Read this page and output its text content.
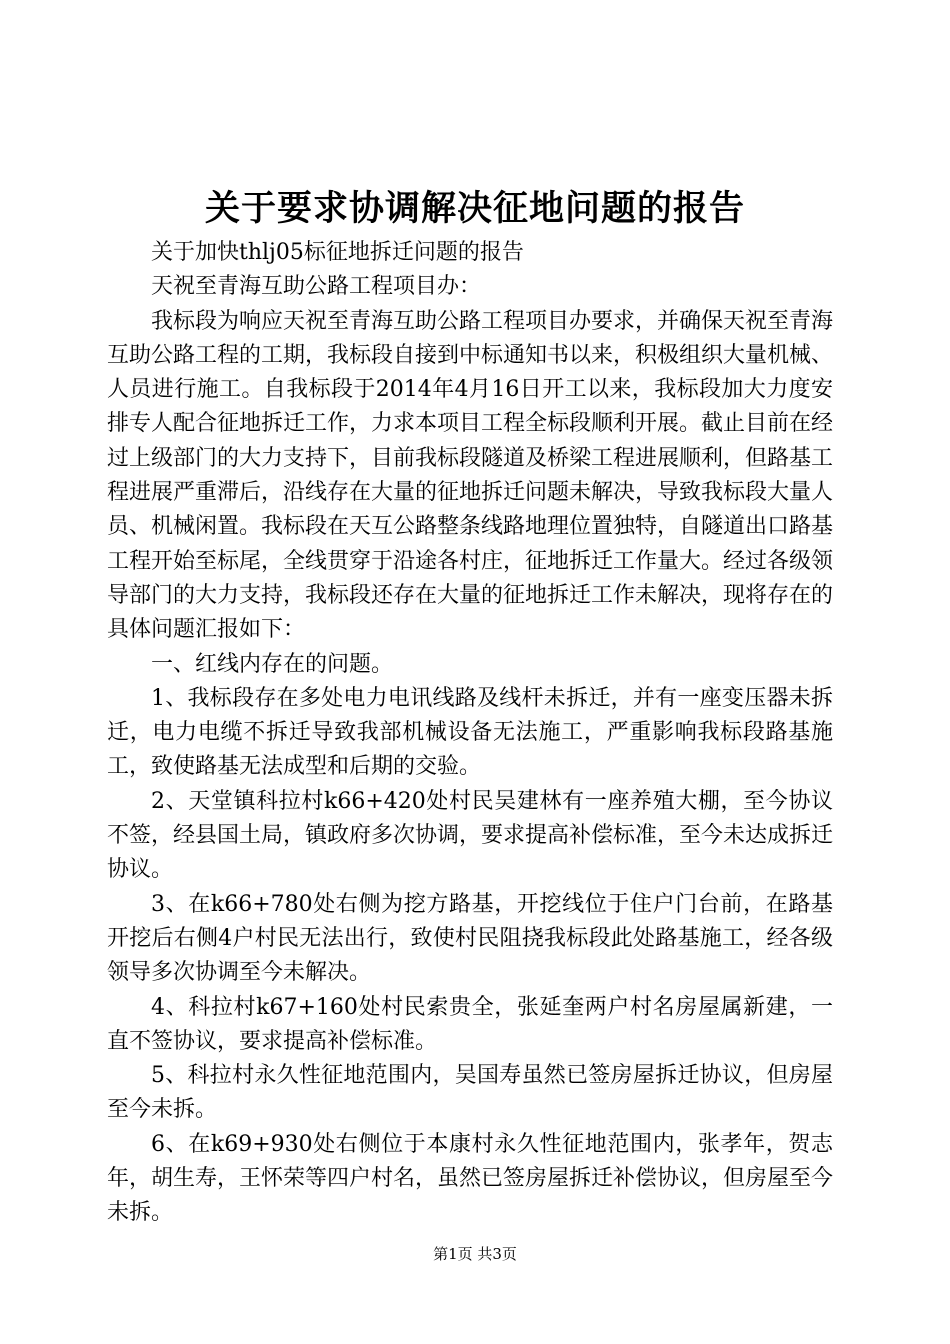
关于要求协调解决征地问题的报告

关于加快thlj05标征地拆迁问题的报告

天祝至青海互助公路工程项目办：

我标段为响应天祝至青海互助公路工程项目办要求，并确保天祝至青海互助公路工程的工期，我标段自接到中标通知书以来，积极组织大量机械、人员进行施工。自我标段于2014年4月16日开工以来，我标段加大力度安排专人配合征地拆迁工作，力求本项目工程全标段顺利开展。截止目前在经过上级部门的大力支持下，目前我标段隧道及桥梁工程进展顺利，但路基工程进展严重滞后，沿线存在大量的征地拆迁问题未解决，导致我标段大量人员、机械闲置。我标段在天互公路整条线路地理位置独特，自隧道出口路基工程开始至标尾，全线贯穿于沿途各村庄，征地拆迁工作量大。经过各级领导部门的大力支持，我标段还存在大量的征地拆迁工作未解决，现将存在的具体问题汇报如下：

一、红线内存在的问题。

1、我标段存在多处电力电讯线路及线杆未拆迁，并有一座变压器未拆迁，电力电缆不拆迁导致我部机械设备无法施工，严重影响我标段路基施工，致使路基无法成型和后期的交验。

2、天堂镇科拉村k66+420处村民吴建林有一座养殖大棚，至今协议不签，经县国土局，镇政府多次协调，要求提高补偿标准，至今未达成拆迁协议。

3、在k66+780处右侧为挖方路基，开挖线位于住户门台前，在路基开挖后右侧4户村民无法出行，致使村民阻挠我标段此处路基施工，经各级领导多次协调至今未解决。

4、科拉村k67+160处村民索贵全，张延奎两户村名房屋属新建，一直不签协议，要求提高补偿标准。

5、科拉村永久性征地范围内，吴国寿虽然已签房屋拆迁协议，但房屋至今未拆。

6、在k69+930处右侧位于本康村永久性征地范围内，张孝年，贺志年，胡生寿，王怀荣等四户村名，虽然已签房屋拆迁补偿协议，但房屋至今未拆。

第1页 共3页
